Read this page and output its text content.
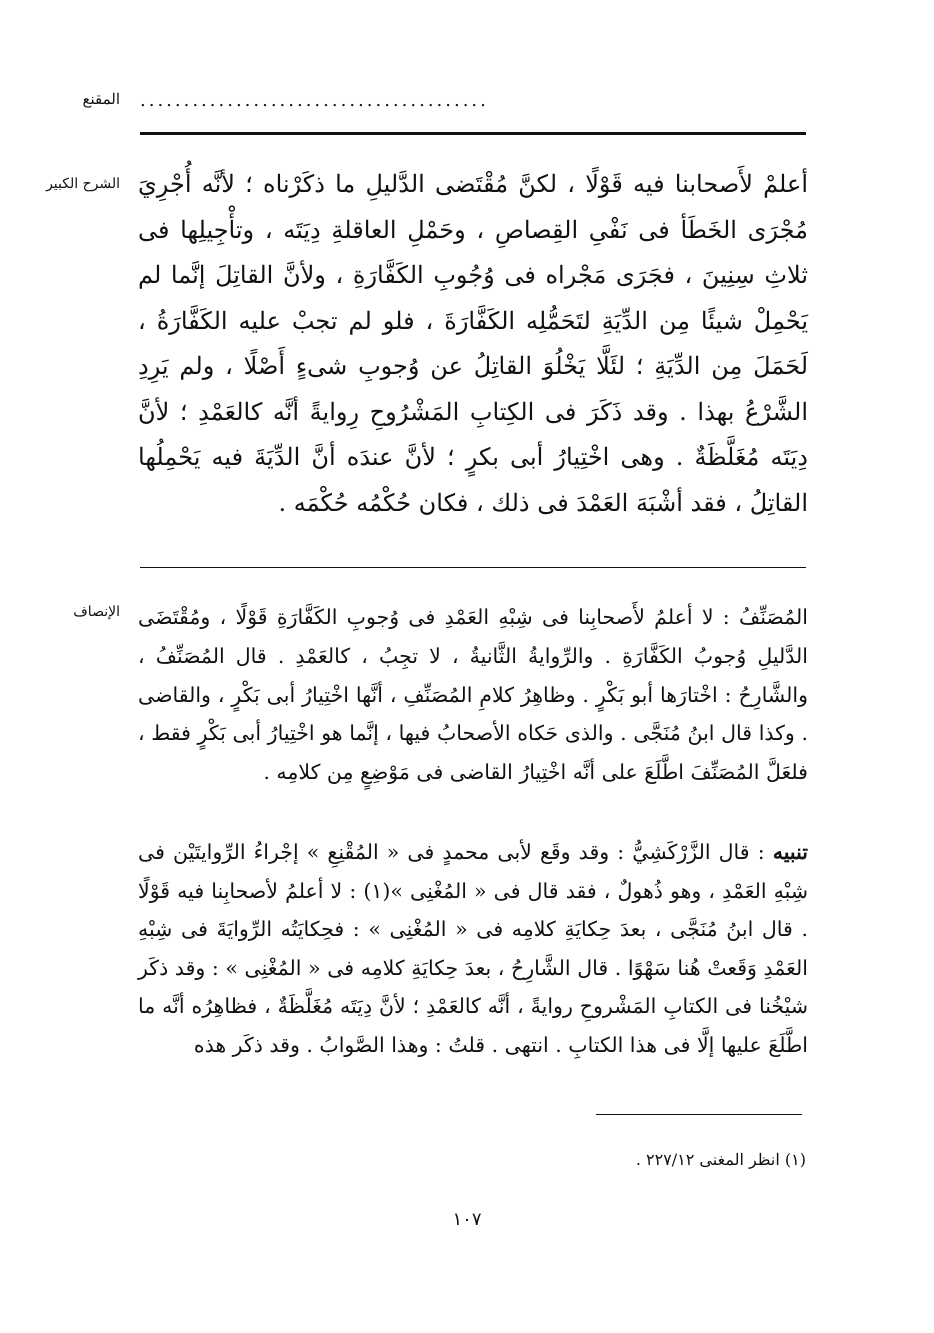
المقنع ........................................
الشرح الكبير أعلمْ لأَصحابنا فيه قَوْلًا ، لكنَّ مُقْتَضى الدَّليلِ ما ذكَرْناه ؛ لأنَّه أُجْرِيَ مُجْرَى الخَطَأ فى نَفْىِ القِصاصِ ، وحَمْلِ العاقلةِ دِيَتَه ، وتأْجِيلِها فى ثلاثِ سِنِينَ ، فجَرَى مَجْراه فى وُجُوبِ الكَفَّارَةِ ، ولأنَّ القاتِلَ إنَّما لم يَحْمِلْ شيئًا مِن الدِّيَةِ لتَحَمُّلِه الكَفَّارَةَ ، فلو لم تجبْ عليه الكَفَّارَةُ ، لَحَمَلَ مِن الدِّيَةِ ؛ لئَلَّا يَخْلُوَ القاتِلُ عن وُجوبِ شىءٍ أَصْلًا ، ولم يَرِدِ الشَّرْعُ بهذا . وقد ذَكَرَ فى الكِتابِ المَشْرُوحِ رِوايةً أنَّه كالعَمْدِ ؛ لأنَّ دِيَتَه مُغَلَّظَةٌ . وهى اخْتِيارُ أبى بكرٍ ؛ لأنَّ عندَه أنَّ الدِّيَةَ فيه يَحْمِلُها القاتِلُ ، فقد أشْبَهَ العَمْدَ فى ذلك ، فكان حُكْمُه حُكْمَه .

الإنصاف المُصَنِّفُ : لا أعلمُ لأَصحابِنا فى شِبْهِ العَمْدِ فى وُجوبِ الكَفَّارَةِ قَوْلًا ، ومُقْتَضَى الدَّليلِ وُجوبُ الكَفَّارَةِ . والرِّوايةُ الثَّانيةُ ، لا تجِبُ ، كالعَمْدِ . قال المُصَنِّفُ ، والشَّارِحُ : اخْتارَها أبو بَكْرٍ . وظاهِرُ كلامِ المُصَنِّفِ ، أنَّها اخْتِيارُ أبى بَكْرٍ ، والقاضى . وكذا قال ابنُ مُنَجَّى . والذى حَكاه الأصحابُ فيها ، إنَّما هو اخْتِيارُ أبى بَكْرٍ فقط ، فلعَلَّ المُصَنِّفَ اطَّلَعَ على أنَّه اخْتِيارُ القاضى فى مَوْضِعٍ مِن كلامِه .

تنبيه : قال الزَّرْكَشِيُّ : وقد وقَع لأبى محمدٍ فى « المُقْنِعِ » إجْراءُ الرِّوايتَيْن فى شِبْهِ العَمْدِ ، وهو ذُهولٌ ، فقد قال فى « المُغْنِى »(١) : لا أعلمُ لأصحابِنا فيه قَوْلًا . قال ابنُ مُنَجَّى ، بعدَ حِكايَةِ كلامِه فى « المُغْنِى » : فحِكايَتُه الرِّوايَةَ فى شِبْهِ العَمْدِ وَقَعتْ هُنا سَهْوًا . قال الشَّارِحُ ، بعدَ حِكايَةِ كلامِه فى « المُغْنِى » : وقد ذكَر شيْخُنا فى الكتابِ المَشْروحِ روايةً ، أنَّه كالعَمْدِ ؛ لأنَّ دِيَتَه مُغَلَّظَةٌ ، فظاهِرُه أنَّه ما اطَّلَعَ عليها إلَّا فى هذا الكتابِ . انتهى . قلتُ : وهذا الصَّوابُ . وقد ذكَر هذه

(١) انظر المغنى ٢٢٧/١٢ .
١٠٧
